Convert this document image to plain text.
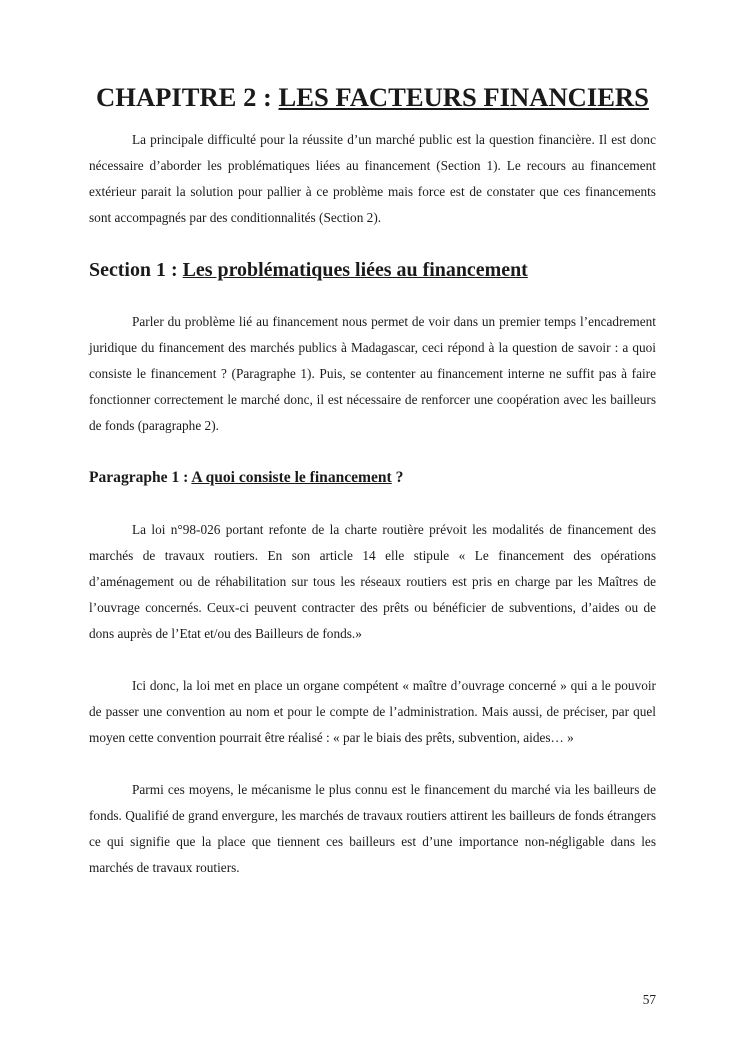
CHAPITRE 2 : LES FACTEURS FINANCIERS

La principale difficulté pour la réussite d’un marché public est la question financière. Il est donc nécessaire d’aborder les problématiques liées au financement (Section 1). Le recours au financement extérieur parait la solution pour pallier à ce problème mais force est de constater que ces financements sont accompagnés par des conditionnalités (Section 2).

Section 1 : Les problématiques liées au financement

Parler du problème lié au financement nous permet de voir dans un premier temps l’encadrement juridique du financement des marchés publics à Madagascar, ceci répond à la question de savoir : a quoi consiste le financement ? (Paragraphe 1). Puis, se contenter au financement interne ne suffit pas à faire fonctionner correctement le marché donc, il est nécessaire de renforcer une coopération avec les bailleurs de fonds (paragraphe 2).

Paragraphe 1 : A quoi consiste le financement ?

La loi n°98-026 portant refonte de la charte routière prévoit les modalités de financement des marchés de travaux routiers. En son article 14 elle stipule « Le financement des opérations d’aménagement ou de réhabilitation sur tous les réseaux routiers est pris en charge par les Maîtres de l’ouvrage concernés. Ceux-ci peuvent contracter des prêts ou bénéficier de subventions, d’aides ou de dons auprès de l’Etat et/ou des Bailleurs de fonds.»

Ici donc, la loi met en place un organe compétent « maître d’ouvrage concerné » qui a le pouvoir de passer une convention au nom et pour le compte de l’administration. Mais aussi, de préciser, par quel moyen cette convention pourrait être réalisé : « par le biais des prêts, subvention, aides… »

Parmi ces moyens, le mécanisme le plus connu est le financement du marché via les bailleurs de fonds. Qualifié de grand envergure, les marchés de travaux routiers attirent les bailleurs de fonds étrangers ce qui signifie que la place que tiennent ces bailleurs est d’une importance non-négligable dans les marchés de travaux routiers.

57
